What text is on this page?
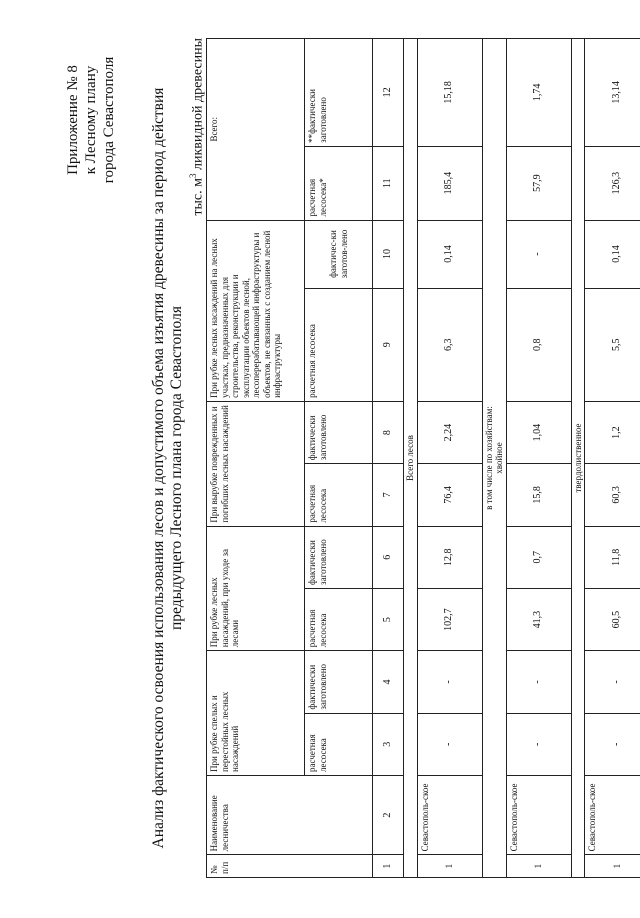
Приложение № 8 к Лесному плану города Севастополя Анализ фактического освоения использования лесов и допустимого объема изъятия древесины за период действия предыдущего Лесного плана города Севастополя
тыс. $м^3$ ликвидной древесины
№ п/п	Наименование лесничества	При рубке спелых и перестойных лесных насаждений		При рубке лесных насаждений, при уходе за лесами		При вырубке поврежденных и погибших лесных насаждений		При рубке лесных насаждений на лесных участках, предназначенных для строительства, реконструкции и эксплуатации объектов лесной, лесоперерабатывающей инфраструктуры и объектов, не связанных с созданием лесной инфраструктуры		Всего:	
		расчетная лесосека	фактически заготовлено	расчетная лесосека	фактически заготовлено	расчетная лесосека	фактически заготовлено	расчетная лесосека	фактичес-ки заготов-лено	расчетная лесосека*	**фактически заготовлено
1	2	3	4	5	6	7	8	9	10	11	12
Всего лесов											
1	Севастополь-ское	-	-	102,7	12,8	76,4	2,24	6,3	0,14	185,4	15,18

в том числе по хозяйствам: хвойное											

1	Севастополь-ское	-	-	41,3	0,7	15,8	1,04	0,8	-	57,9	1,74
твердолиственное											
1	Севастополь-ское	-	-	60,5	11,8	60,3	1,2	5,5	0,14	126,3	13,14
